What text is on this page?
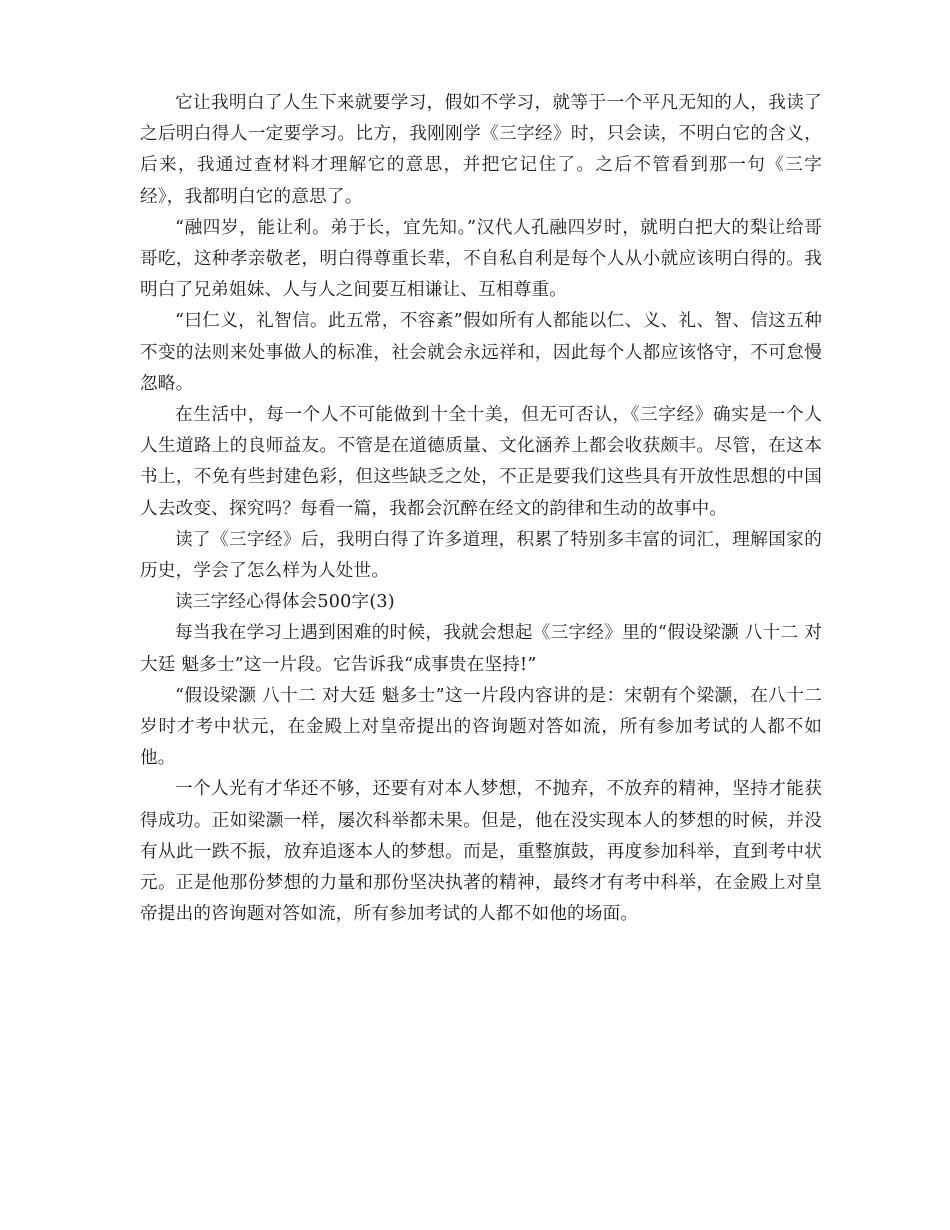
它让我明白了人生下来就要学习，假如不学习，就等于一个平凡无知的人，我读了之后明白得人一定要学习。比方，我刚刚学《三字经》时，只会读，不明白它的含义，后来，我通过查材料才理解它的意思，并把它记住了。之后不管看到那一句《三字经》，我都明白它的意思了。

“融四岁，能让利。弟于长，宜先知。”汉代人孔融四岁时，就明白把大的梨让给哥哥吃，这种孝亲敬老，明白得尊重长辈，不自私自利是每个人从小就应该明白得的。我明白了兄弟姐妹、人与人之间要互相谦让、互相尊重。

“曰仁义，礼智信。此五常，不容紊”假如所有人都能以仁、义、礼、智、信这五种不变的法则来处事做人的标准，社会就会永远祥和，因此每个人都应该恪守，不可怠慢忽略。

在生活中，每一个人不可能做到十全十美，但无可否认，《三字经》确实是一个人人生道路上的良师益友。不管是在道德质量、文化涵养上都会收获颇丰。尽管，在这本书上，不免有些封建色彩，但这些缺乏之处，不正是要我们这些具有开放性思想的中国人去改变、探究吗？每看一篇，我都会沉醉在经文的韵律和生动的故事中。

读了《三字经》后，我明白得了许多道理，积累了特别多丰富的词汇，理解国家的历史，学会了怎么样为人处世。

读三字经心得体会500字(3)

每当我在学习上遇到困难的时候，我就会想起《三字经》里的“假设梁灏 八十二 对大廷 魁多士”这一片段。它告诉我“成事贵在坚持!”

“假设梁灏 八十二 对大廷 魁多士”这一片段内容讲的是：宋朝有个梁灏，在八十二岁时才考中状元，在金殿上对皇帝提出的咨询题对答如流，所有参加考试的人都不如他。

一个人光有才华还不够，还要有对本人梦想，不抛弃，不放弃的精神，坚持才能获得成功。正如梁灏一样，屡次科举都未果。但是，他在没实现本人的梦想的时候，并没有从此一跌不振，放弃追逐本人的梦想。而是，重整旗鼓，再度参加科举，直到考中状元。正是他那份梦想的力量和那份坚决执著的精神，最终才有考中科举，在金殿上对皇帝提出的咨询题对答如流，所有参加考试的人都不如他的场面。
